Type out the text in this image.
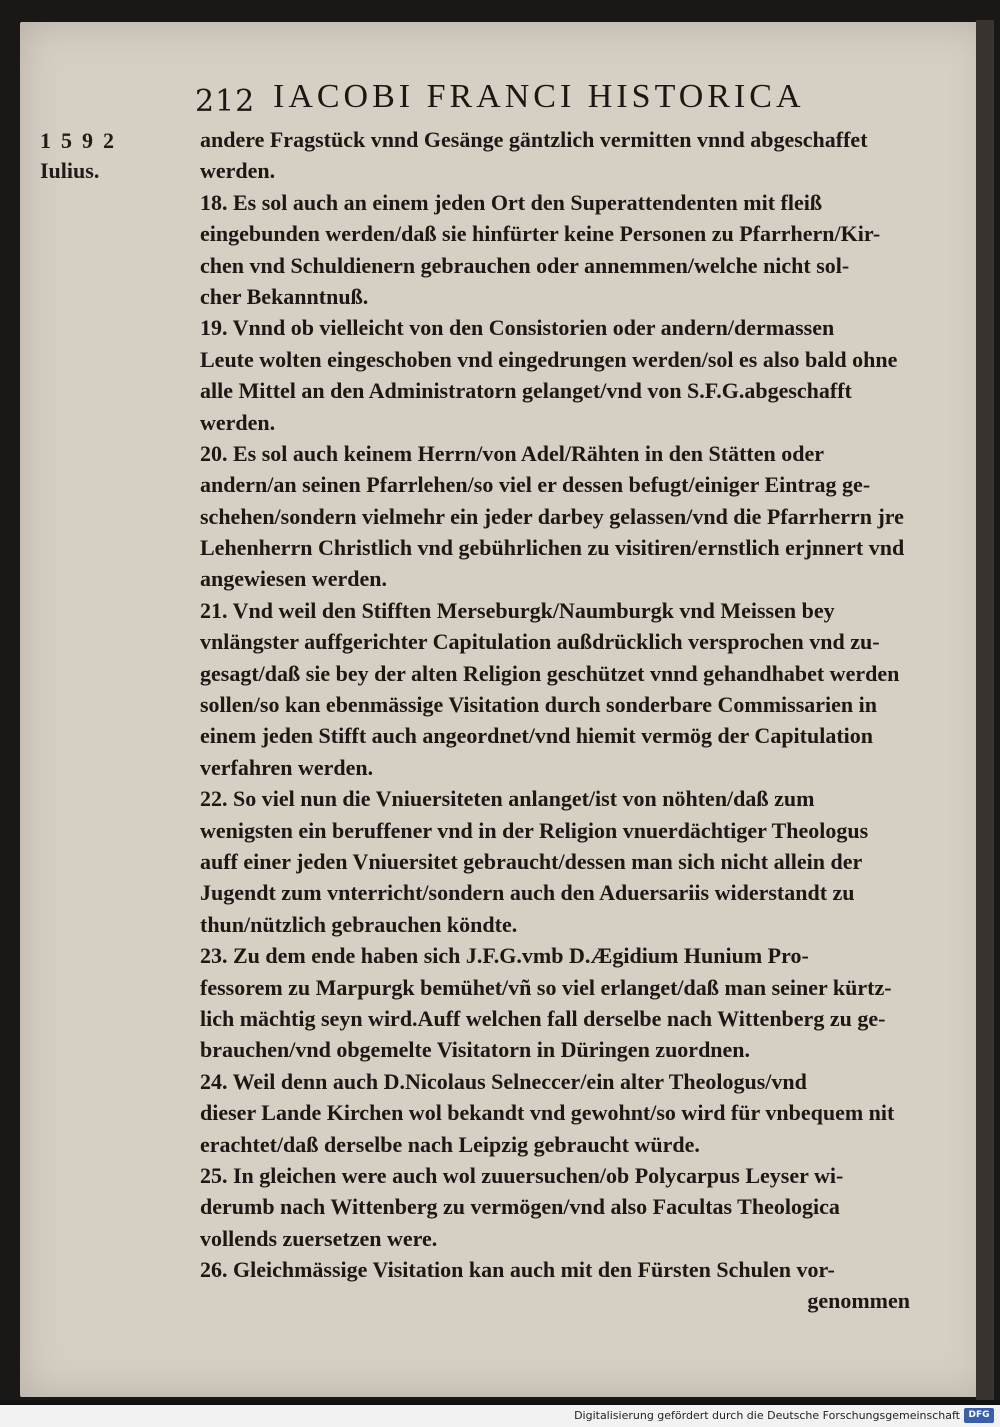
212 IACOBI FRANCI HISTORICA
1592
Iulius.
andere Fragstück vnnd Gesänge gäntzlich vermitten vnnd abgeschaffet
werden.
18. Es sol auch an einem jeden Ort den Superattendenten mit fleiß
eingebunden werden/daß sie hinfürter keine Personen zu Pfarrhern/Kir-
chen vnd Schuldienern gebrauchen oder annemmen/welche nicht sol-
cher Bekanntnuß.
19. Vnnd ob vielleicht von den Consistorien oder andern/dermassen
Leute wolten eingeschoben vnd eingedrungen werden/sol es also bald ohne
alle Mittel an den Administratorn gelanget/vnd von S.F.G.abgeschafft
werden.
20. Es sol auch keinem Herrn/von Adel/Rähten in den Stätten oder
andern/an seinen Pfarrlehen/so viel er dessen befugt/einiger Eintrag ge-
schehen/sondern vielmehr ein jeder darbey gelassen/vnd die Pfarrherrn jre
Lehenherrn Christlich vnd gebührlichen zu visitiren/ernstlich erjnnert vnd
angewiesen werden.
21. Vnd weil den Stifften Merseburgk/Naumburgk vnd Meissen bey
vnlängster auffgerichter Capitulation außdrücklich versprochen vnd zu-
gesagt/daß sie bey der alten Religion geschützet vnnd gehandhabet werden
sollen/so kan ebenmässige Visitation durch sonderbare Commissarien in
einem jeden Stifft auch angeordnet/vnd hiemit vermög der Capitulation
verfahren werden.
22. So viel nun die Vniuersiteten anlanget/ist von nöhten/daß zum
wenigsten ein beruffener vnd in der Religion vnuerdächtiger Theologus
auff einer jeden Vniuersitet gebraucht/dessen man sich nicht allein der
Jugendt zum vnterricht/sondern auch den Aduersariis widerstandt zu
thun/nützlich gebrauchen köndte.
23. Zu dem ende haben sich J.F.G.vmb D.Ægidium Hunium Pro-
fessorem zu Marpurgk bemühet/vñ so viel erlanget/daß man seiner kürtz-
lich mächtig seyn wird.Auff welchen fall derselbe nach Wittenberg zu ge-
brauchen/vnd obgemelte Visitatorn in Düringen zuordnen.
24. Weil denn auch D.Nicolaus Selneccer/ein alter Theologus/vnd
dieser Lande Kirchen wol bekandt vnd gewohnt/so wird für vnbequem nit
erachtet/daß derselbe nach Leipzig gebraucht würde.
25. In gleichen were auch wol zuuersuchen/ob Polycarpus Leyser wi-
derumb nach Wittenberg zu vermögen/vnd also Facultas Theologica
vollends zuersetzen were.
26. Gleichmässige Visitation kan auch mit den Fürsten Schulen vor-
genommen
Digitalisierung gefördert durch die Deutsche Forschungsgemeinschaft DFG
